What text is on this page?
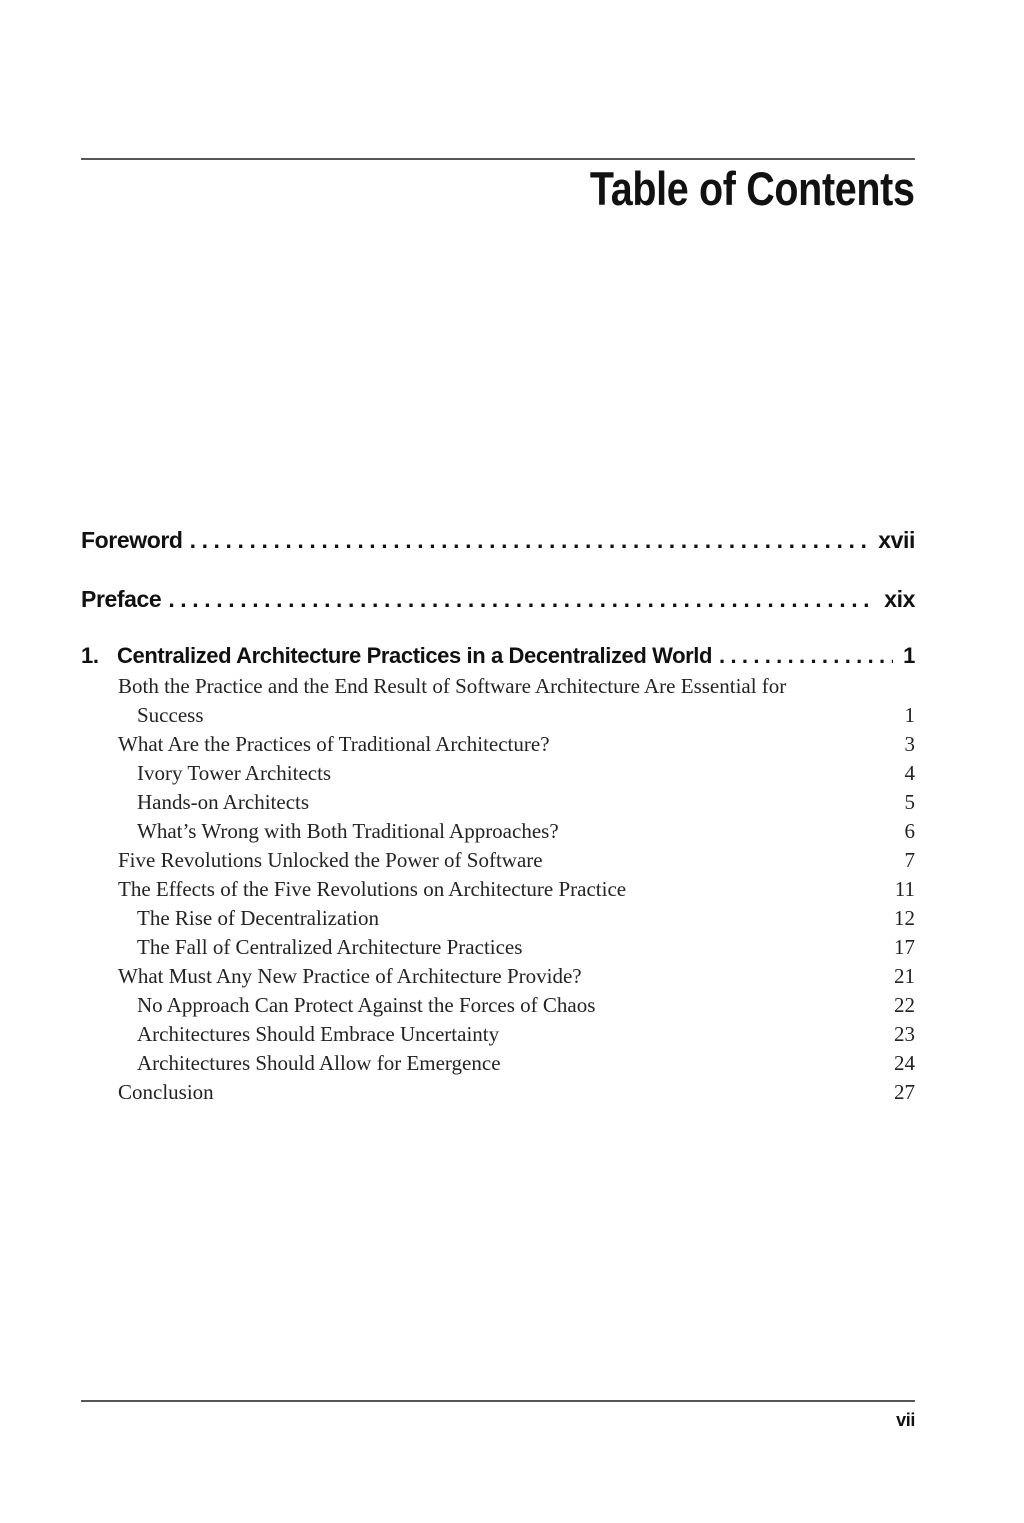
Table of Contents
Foreword . . .	xvii
Preface . . .	xix
1. Centralized Architecture Practices in a Decentralized World . . .	1
Both the Practice and the End Result of Software Architecture Are Essential for Success	1
What Are the Practices of Traditional Architecture?	3
Ivory Tower Architects	4
Hands-on Architects	5
What’s Wrong with Both Traditional Approaches?	6
Five Revolutions Unlocked the Power of Software	7
The Effects of the Five Revolutions on Architecture Practice	11
The Rise of Decentralization	12
The Fall of Centralized Architecture Practices	17
What Must Any New Practice of Architecture Provide?	21
No Approach Can Protect Against the Forces of Chaos	22
Architectures Should Embrace Uncertainty	23
Architectures Should Allow for Emergence	24
Conclusion	27
vii
